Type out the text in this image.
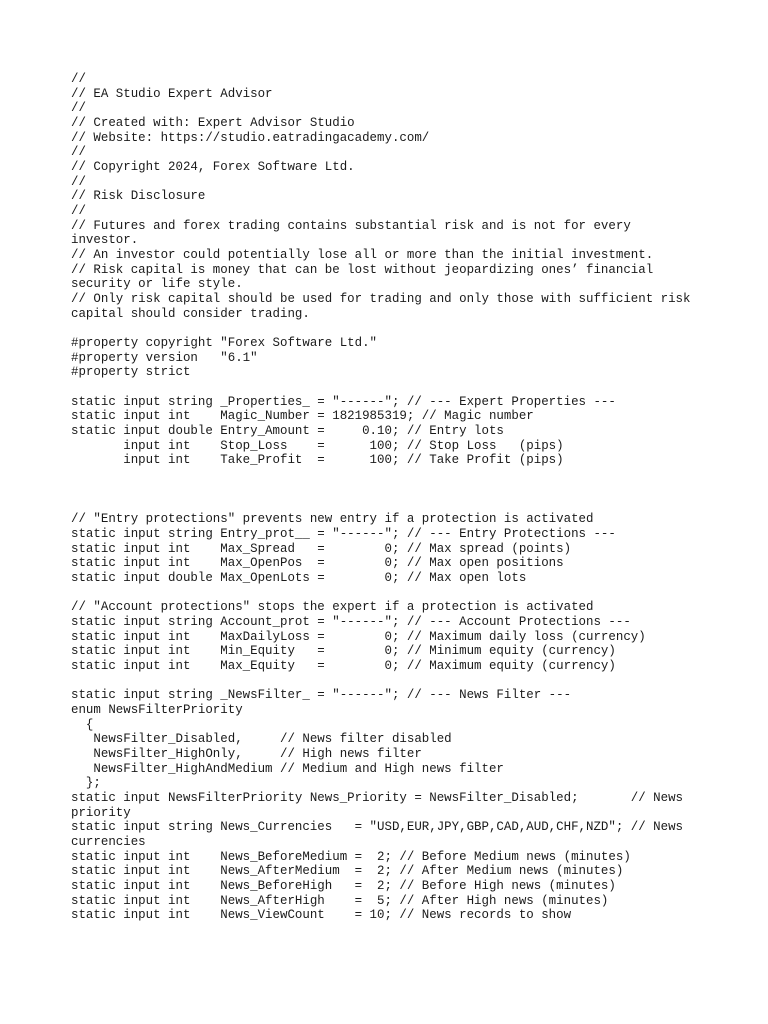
//
// EA Studio Expert Advisor
//
// Created with: Expert Advisor Studio
// Website: https://studio.eatradingacademy.com/
//
// Copyright 2024, Forex Software Ltd.
//
// Risk Disclosure
//
// Futures and forex trading contains substantial risk and is not for every
investor.
// An investor could potentially lose all or more than the initial investment.
// Risk capital is money that can be lost without jeopardizing ones’ financial
security or life style.
// Only risk capital should be used for trading and only those with sufficient risk
capital should consider trading.
#property copyright "Forex Software Ltd."
#property version   "6.1"
#property strict
static input string _Properties_ = "------"; // --- Expert Properties ---
static input int    Magic_Number = 1821985319; // Magic number
static input double Entry_Amount =     0.10; // Entry lots
input int    Stop_Loss    =      100; // Stop Loss   (pips)
input int    Take_Profit  =      100; // Take Profit (pips)
// "Entry protections" prevents new entry if a protection is activated
static input string Entry_prot__ = "------"; // --- Entry Protections ---
static input int    Max_Spread   =        0; // Max spread (points)
static input int    Max_OpenPos  =        0; // Max open positions
static input double Max_OpenLots =        0; // Max open lots
// "Account protections" stops the expert if a protection is activated
static input string Account_prot = "------"; // --- Account Protections ---
static input int    MaxDailyLoss =        0; // Maximum daily loss (currency)
static input int    Min_Equity   =        0; // Minimum equity (currency)
static input int    Max_Equity   =        0; // Maximum equity (currency)
static input string _NewsFilter_ = "------"; // --- News Filter ---
enum NewsFilterPriority
{
NewsFilter_Disabled,     // News filter disabled
NewsFilter_HighOnly,     // High news filter
NewsFilter_HighAndMedium // Medium and High news filter
};
static input NewsFilterPriority News_Priority = NewsFilter_Disabled;       // News
priority
static input string News_Currencies   = "USD,EUR,JPY,GBP,CAD,AUD,CHF,NZD"; // News
currencies
static input int    News_BeforeMedium =  2; // Before Medium news (minutes)
static input int    News_AfterMedium  =  2; // After Medium news (minutes)
static input int    News_BeforeHigh   =  2; // Before High news (minutes)
static input int    News_AfterHigh    =  5; // After High news (minutes)
static input int    News_ViewCount    = 10; // News records to show
